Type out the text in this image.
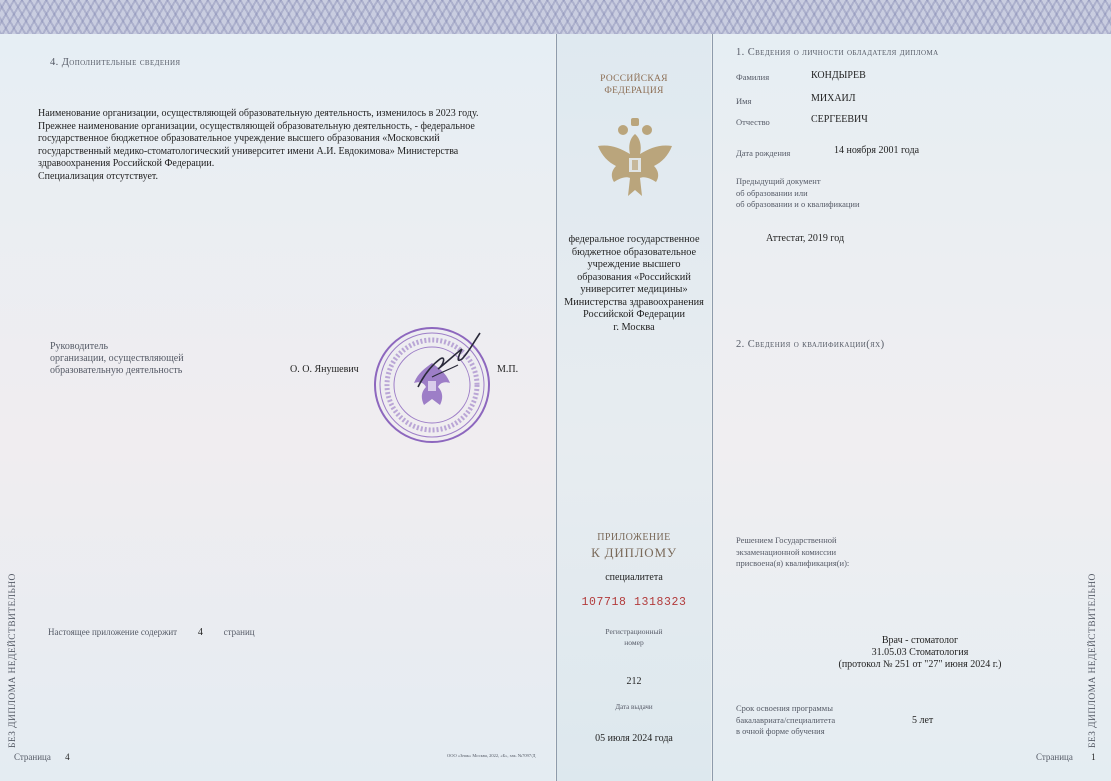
4. Дополнительные сведения
Наименование организации, осуществляющей образовательную деятельность, изменилось в 2023 году.
Прежнее наименование организации, осуществляющей образовательную деятельность, - федеральное
государственное бюджетное образовательное учреждение высшего образования «Московский
государственный медико-стоматологический университет имени А.И. Евдокимова» Министерства
здравоохранения Российской Федерации.
Специализация отсутствует.
Руководитель
организации, осуществляющей
образовательную деятельность	О. О. Янушевич	М.П.
Настоящее приложение содержит 4 страниц
БЕЗ ДИПЛОМА НЕДЕЙСТВИТЕЛЬНО
Страница 4	ООО «Знак» Москва, 2022, «Б», зак. №7097/Д
РОССИЙСКАЯ
ФЕДЕРАЦИЯ
федеральное государственное
бюджетное образовательное
учреждение высшего
образования «Российский
университет медицины»
Министерства здравоохранения
Российской Федерации
г. Москва
ПРИЛОЖЕНИЕ
К ДИПЛОМУ
специалитета
107718 1318323
Регистрационный
номер
212
Дата выдачи
05 июля 2024 года
1. Сведения о личности обладателя диплома
Фамилия	КОНДЫРЕВ
Имя	МИХАИЛ
Отчество	СЕРГЕЕВИЧ
Дата рождения	14 ноября 2001 года
Предыдущий документ
об образовании или
об образовании и о квалификации
Аттестат, 2019 год
2. Сведения о квалификации(ях)
Решением Государственной
экзаменационной комиссии
присвоена(я) квалификация(и):
Врач - стоматолог
31.05.03 Стоматология
(протокол № 251 от "27" июня 2024 г.)
Срок освоения программы
бакалавриата/специалитета
в очной форме обучения
5 лет	БЕЗ ДИПЛОМА НЕДЕЙСТВИТЕЛЬНО
Страница 1
